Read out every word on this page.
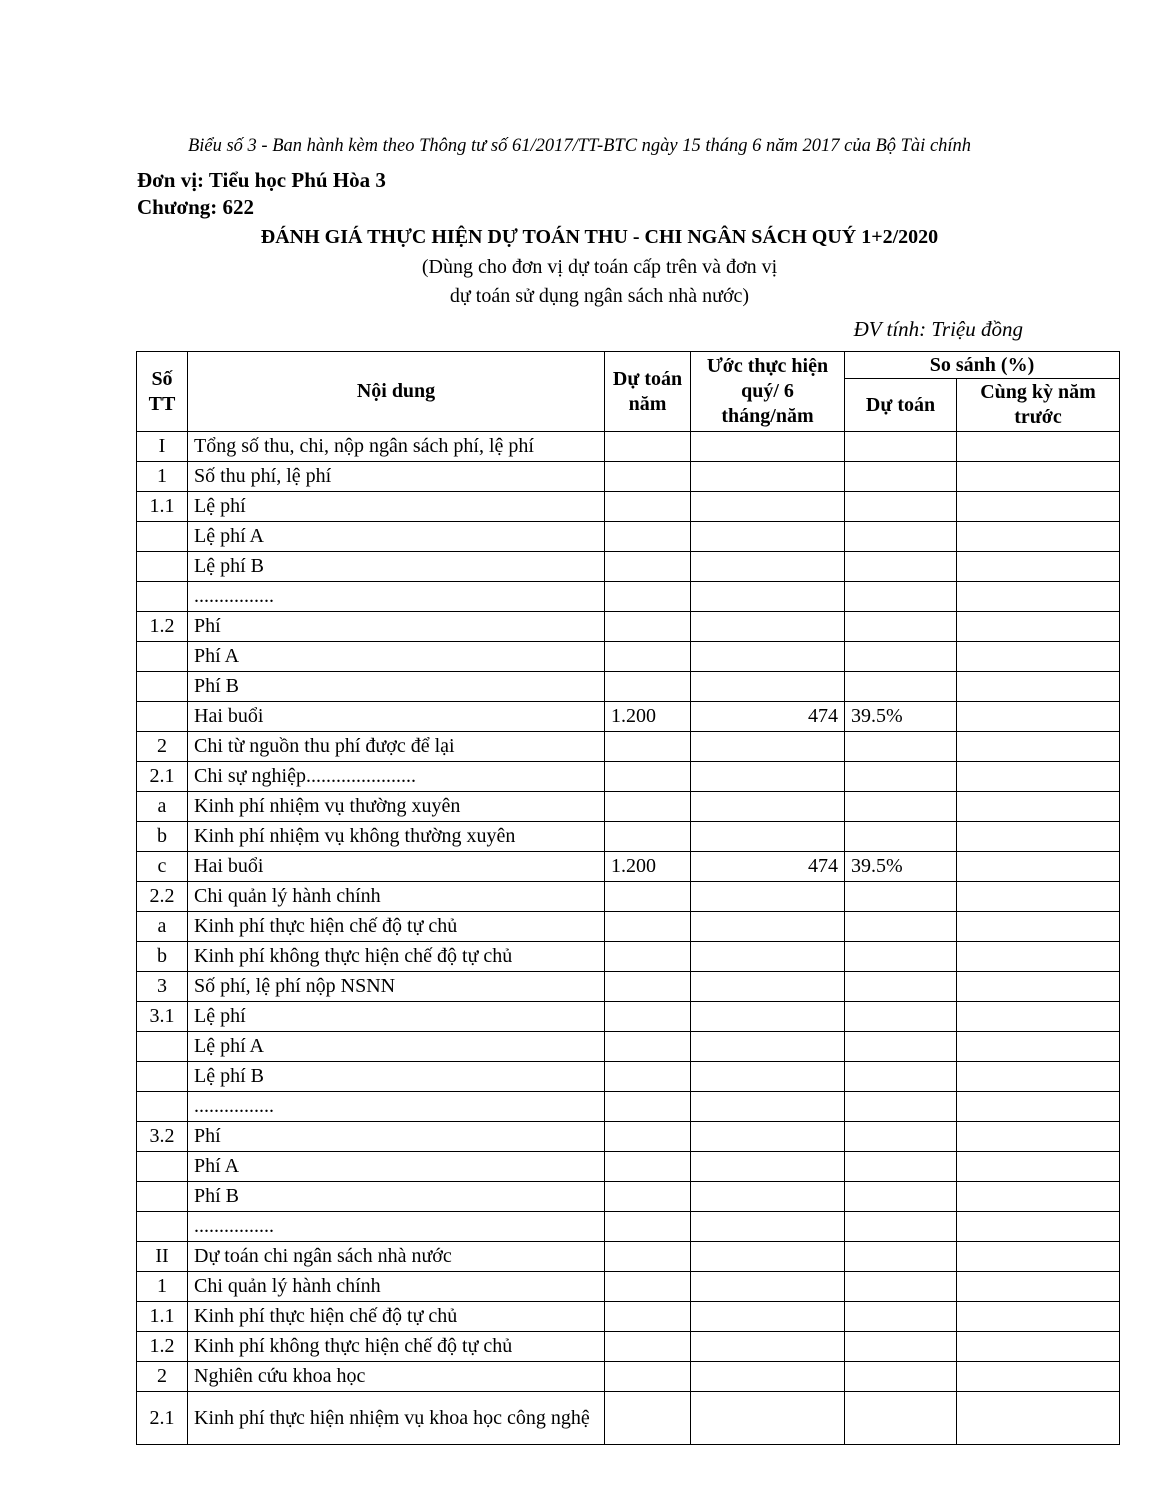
Biểu số 3 - Ban hành kèm theo Thông tư số 61/2017/TT-BTC ngày 15 tháng 6 năm 2017 của Bộ Tài chính
Đơn vị: Tiểu học Phú Hòa 3
Chương: 622
ĐÁNH GIÁ THỰC HIỆN DỰ TOÁN THU - CHI NGÂN SÁCH QUÝ 1+2/2020
(Dùng cho đơn vị dự toán cấp trên và đơn vị
dự toán sử dụng ngân sách nhà nước)
ĐV tính: Triệu đồng
Số TT	Nội dung	Dự toán năm	Ước thực hiện quý/ 6 tháng/năm	So sánh (%)	
				Dự toán	Cùng kỳ năm trước
I	Tổng số thu, chi, nộp ngân sách phí, lệ phí				
1	Số thu phí, lệ phí				
1.1	Lệ phí				
	Lệ phí A				
	Lệ phí B				
	................				
1.2	Phí				
	Phí A				
	Phí B				
	Hai buổi	1.200	474	39.5%	
2	Chi từ nguồn thu phí được để lại				
2.1	Chi sự nghiệp......................				
a	Kinh phí nhiệm vụ thường xuyên				
b	Kinh phí nhiệm vụ không thường xuyên				
c	Hai buổi	1.200	474	39.5%	
2.2	Chi quản lý hành chính				
a	Kinh phí thực hiện chế độ tự chủ				
b	Kinh phí không thực hiện chế độ tự chủ				
3	Số phí, lệ phí nộp NSNN				
3.1	Lệ phí				
	Lệ phí A				
	Lệ phí B				
	................				
3.2	Phí				
	Phí A				
	Phí B				
	................				
II	Dự toán chi ngân sách nhà nước				
1	Chi quản lý hành chính				
1.1	Kinh phí thực hiện chế độ tự chủ				
1.2	Kinh phí không thực hiện chế độ tự chủ				
2	Nghiên cứu khoa học				
2.1	Kinh phí thực hiện nhiệm vụ khoa học công nghệ				
